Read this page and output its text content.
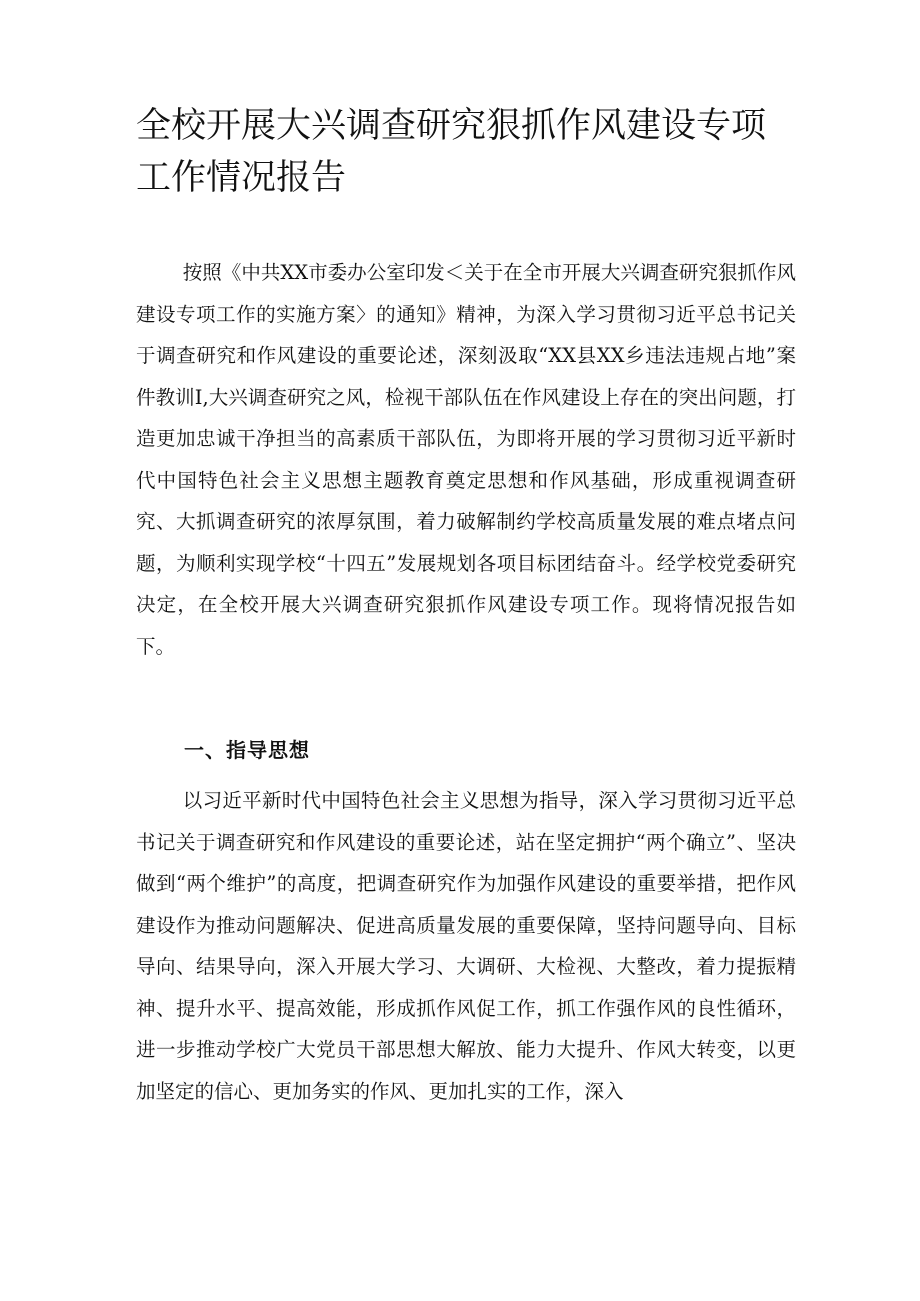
全校开展大兴调查研究狠抓作风建设专项工作情况报告

按照《中共XX市委办公室印发＜关于在全市开展大兴调查研究狠抓作风建设专项工作的实施方案〉的通知》精神，为深入学习贯彻习近平总书记关于调查研究和作风建设的重要论述，深刻汲取“XX县XX乡违法违规占地”案件教训I,大兴调查研究之风，检视干部队伍在作风建设上存在的突出问题，打造更加忠诚干净担当的高素质干部队伍，为即将开展的学习贯彻习近平新时代中国特色社会主义思想主题教育奠定思想和作风基础，形成重视调查研究、大抓调查研究的浓厚氛围，着力破解制约学校高质量发展的难点堵点问题，为顺利实现学校“十四五”发展规划各项目标团结奋斗。经学校党委研究决定，在全校开展大兴调查研究狠抓作风建设专项工作。现将情况报告如下。

一、指导思想

以习近平新时代中国特色社会主义思想为指导，深入学习贯彻习近平总书记关于调查研究和作风建设的重要论述，站在坚定拥护“两个确立”、坚决做到“两个维护”的高度，把调查研究作为加强作风建设的重要举措，把作风建设作为推动问题解决、促进高质量发展的重要保障，坚持问题导向、目标导向、结果导向，深入开展大学习、大调研、大检视、大整改，着力提振精神、提升水平、提高效能，形成抓作风促工作，抓工作强作风的良性循环，进一步推动学校广大党员干部思想大解放、能力大提升、作风大转变，以更加坚定的信心、更加务实的作风、更加扎实的工作，深入
